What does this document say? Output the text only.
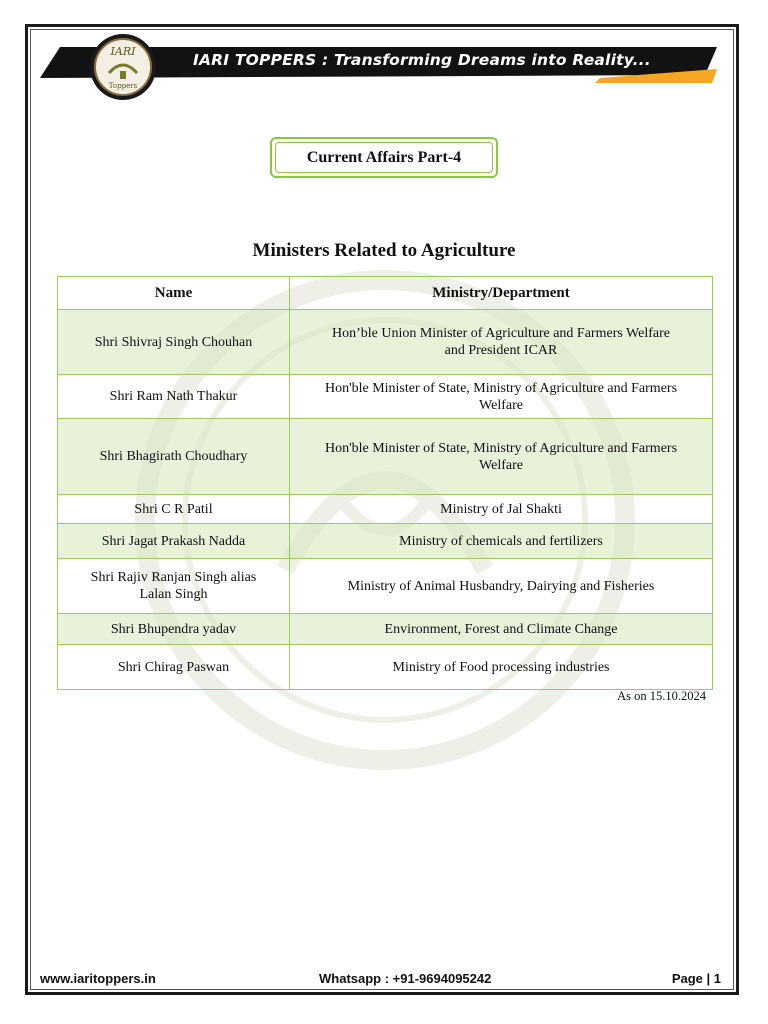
IARI TOPPERS : Transforming Dreams into Reality...
IARI
Toppers
Current Affairs Part-4
Ministers Related to Agriculture
Name	Ministry/Department
Shri Shivraj Singh Chouhan	Hon’ble Union Minister of Agriculture and Farmers Welfare
and President ICAR
Shri Ram Nath Thakur	Hon'ble Minister of State, Ministry of Agriculture and Farmers
Welfare
Shri Bhagirath Choudhary	Hon'ble Minister of State, Ministry of Agriculture and Farmers
Welfare
Shri C R Patil	Ministry of Jal Shakti
Shri Jagat Prakash Nadda	Ministry of chemicals and fertilizers
Shri Rajiv Ranjan Singh alias
Lalan Singh	Ministry of Animal Husbandry, Dairying and Fisheries
Shri Bhupendra yadav	Environment, Forest and Climate Change
Shri Chirag Paswan	Ministry of Food processing industries
As on 15.10.2024
www.iaritoppers.in	Whatsapp : +91-9694095242	Page | 1
